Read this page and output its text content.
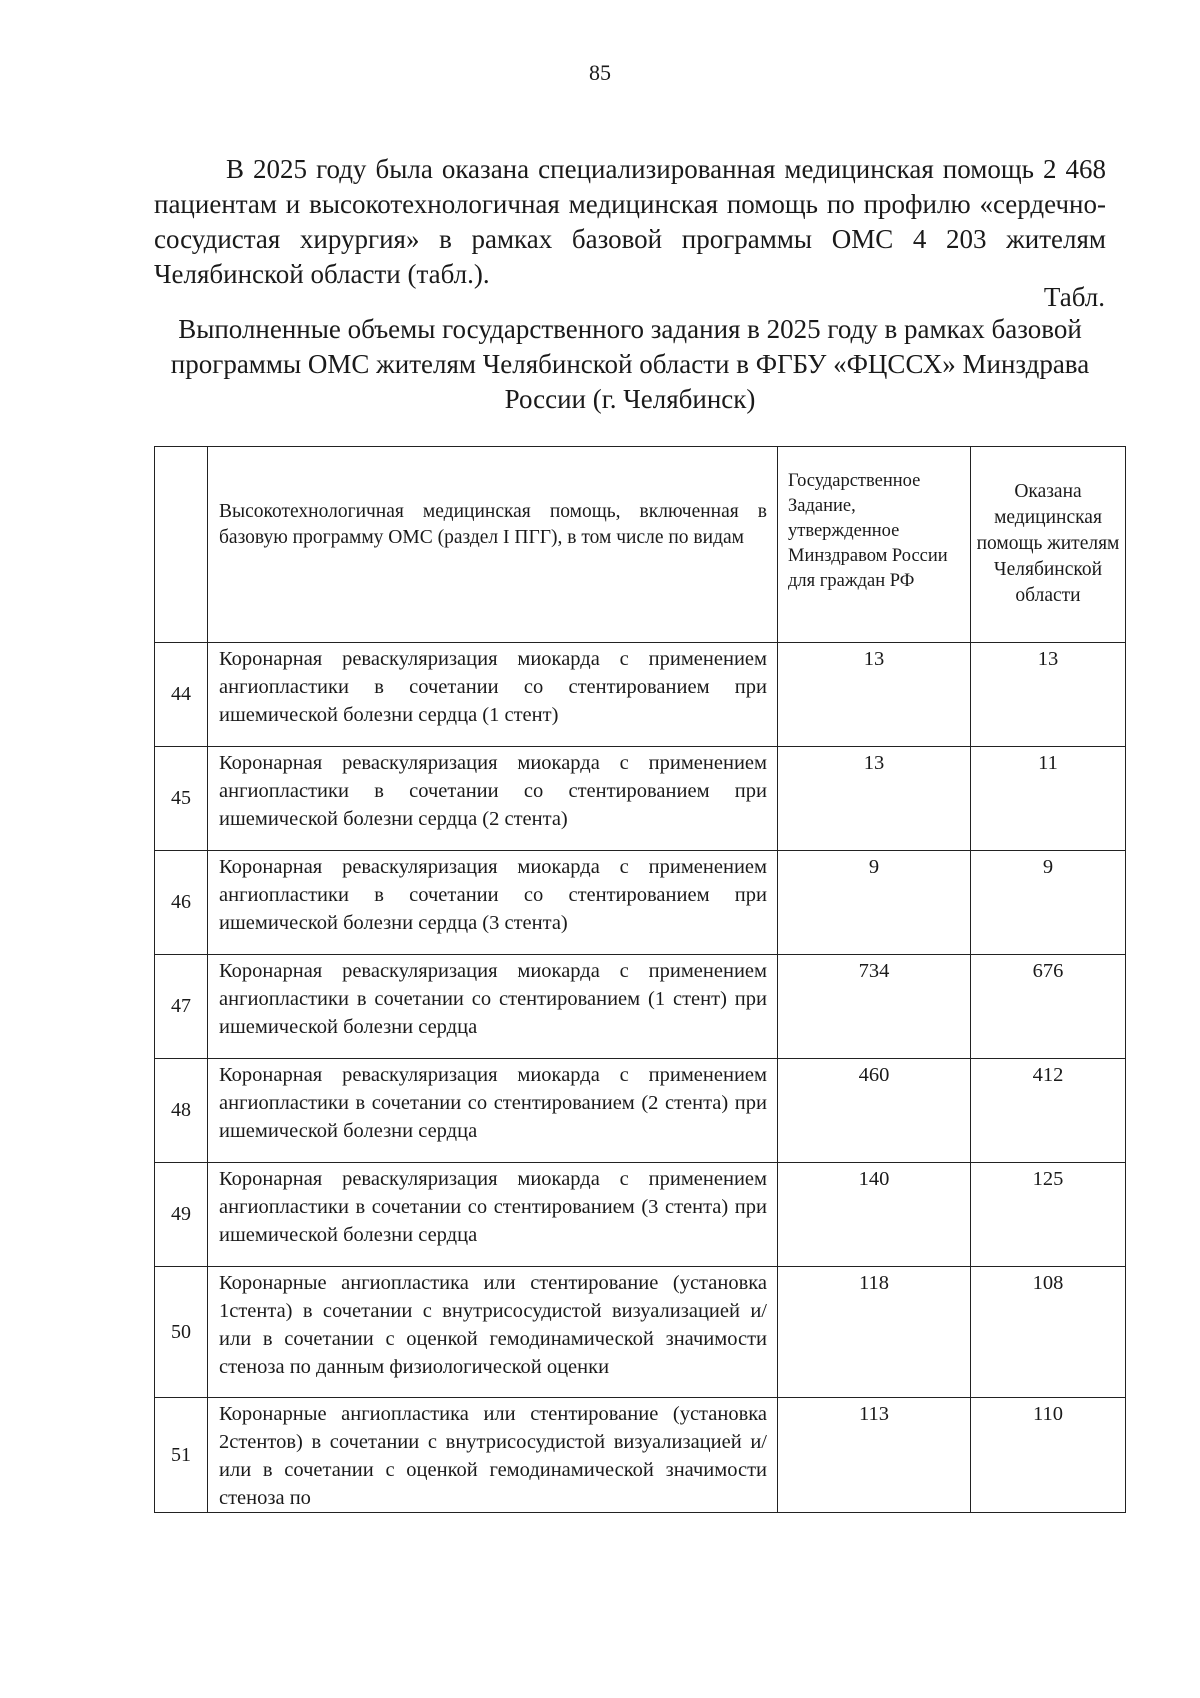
85

В 2025 году была оказана специализированная медицинская помощь 2 468 пациентам и высокотехнологичная медицинская помощь по профилю «сердечно-сосудистая хирургия» в рамках базовой программы ОМС 4 203 жителям Челябинской области (табл.).

Табл.

Выполненные объемы государственного задания в 2025 году в рамках базовой программы ОМС жителям Челябинской области в ФГБУ «ФЦССХ» Минздрава России (г. Челябинск)

	Высокотехнологичная медицинская помощь, включенная в базовую программу ОМС (раздел I ПГГ), в том числе по видам	Государственное Задание, утвержденное Минздравом России для граждан РФ	Оказана медицинская помощь жителям Челябинской области
44	Коронарная реваскуляризация миокарда с применением ангиопластики в сочетании со стентированием при ишемической болезни сердца (1 стент)	13	13
45	Коронарная реваскуляризация миокарда с применением ангиопластики в сочетании со стентированием при ишемической болезни сердца (2 стента)	13	11
46	Коронарная реваскуляризация миокарда с применением ангиопластики в сочетании со стентированием при ишемической болезни сердца (3 стента)	9	9
47	Коронарная реваскуляризация миокарда с применением ангиопластики в сочетании со стентированием (1 стент) при ишемической болезни сердца	734	676
48	Коронарная реваскуляризация миокарда с применением ангиопластики в сочетании со стентированием (2 стента) при ишемической болезни сердца	460	412
49	Коронарная реваскуляризация миокарда с применением ангиопластики в сочетании со стентированием (3 стента) при ишемической болезни сердца	140	125
50	Коронарные ангиопластика или стентирование (установка 1стента) в сочетании с внутрисосудистой визуализацией и/или в сочетании с оценкой гемодинамической значимости стеноза по данным физиологической оценки	118	108
51	Коронарные ангиопластика или стентирование (установка 2стентов) в сочетании с внутрисосудистой визуализацией и/или в сочетании с оценкой гемодинамической значимости стеноза по	113	110
